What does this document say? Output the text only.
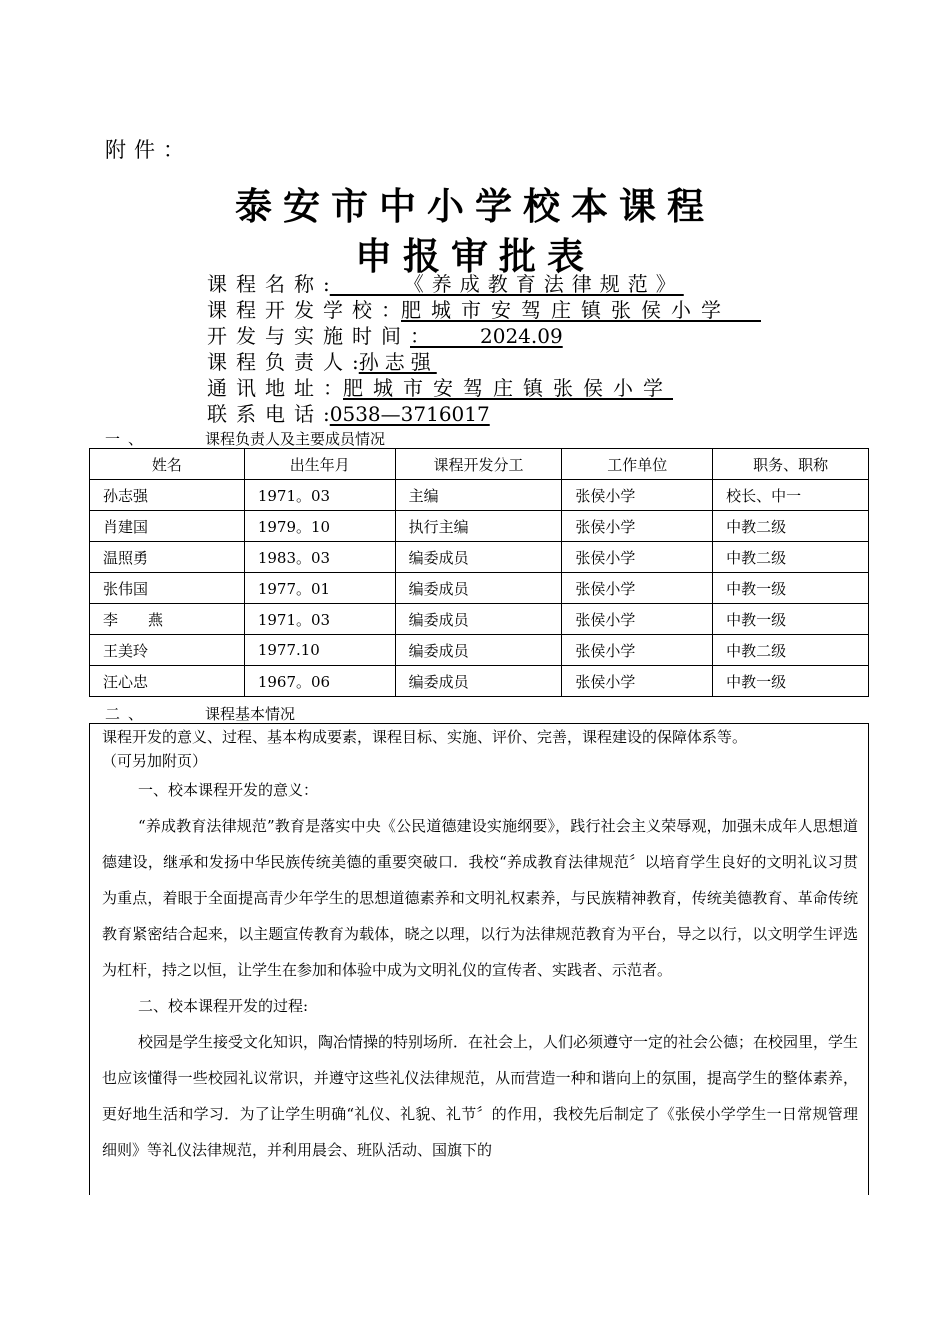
附件：
泰安市中小学校本课程
申报审批表
课程名称:　　　《养成教育法律规范》
课程开发学校：肥城市安驾庄镇张侯小学　
开发与实施时间：　　　2024.09
课程负责人:孙志强
通讯地址：肥城市安驾庄镇张侯小学
联系电话:0538—3716017
一、	课程负责人及主要成员情况
姓名	出生年月	课程开发分工	工作单位	职务、职称
孙志强	1971。03	主编	张侯小学	校长、中一
肖建国	1979。10	执行主编	张侯小学	中教二级
温照勇	1983。03	编委成员	张侯小学	中教二级
张伟国	1977。01	编委成员	张侯小学	中教一级
李　　燕	1971。03	编委成员	张侯小学	中教一级
王美玲	1977.10	编委成员	张侯小学	中教二级
汪心忠	1967。06	编委成员	张侯小学	中教一级
二、	课程基本情况

课程开发的意义、过程、基本构成要素，课程目标、实施、评价、完善，课程建设的保障体系等。

（可另加附页）

一、校本课程开发的意义：

“养成教育法律规范”教育是落实中央《公民道德建设实施纲要》，践行社会主义荣辱观，加强未成年人思想道德建设，继承和发扬中华民族传统美德的重要突破口．我校“养成教育法律规范〞以培育学生良好的文明礼议习贯为重点，着眼于全面提高青少年学生的思想道德素养和文明礼权素养，与民族精神教育，传统美德教育、革命传统教育紧密结合起来，以主题宣传教育为载体，晓之以理，以行为法律规范教育为平台，导之以行，以文明学生评选为杠杆，持之以恒，让学生在参加和体验中成为文明礼仪的宣传者、实践者、示范者。

二、校本课程开发的过程:

校园是学生接受文化知识，陶冶情操的特别场所．在社会上，人们必须遵守一定的社会公德；在校园里，学生也应该懂得一些校园礼议常识，并遵守这些礼仪法律规范，从而营造一种和谐向上的氛围，提高学生的整体素养，更好地生活和学习．为了让学生明确“礼仪、礼貌、礼节〞的作用，我校先后制定了《张侯小学学生一日常规管理细则》等礼仪法律规范，并利用晨会、班队活动、国旗下的
